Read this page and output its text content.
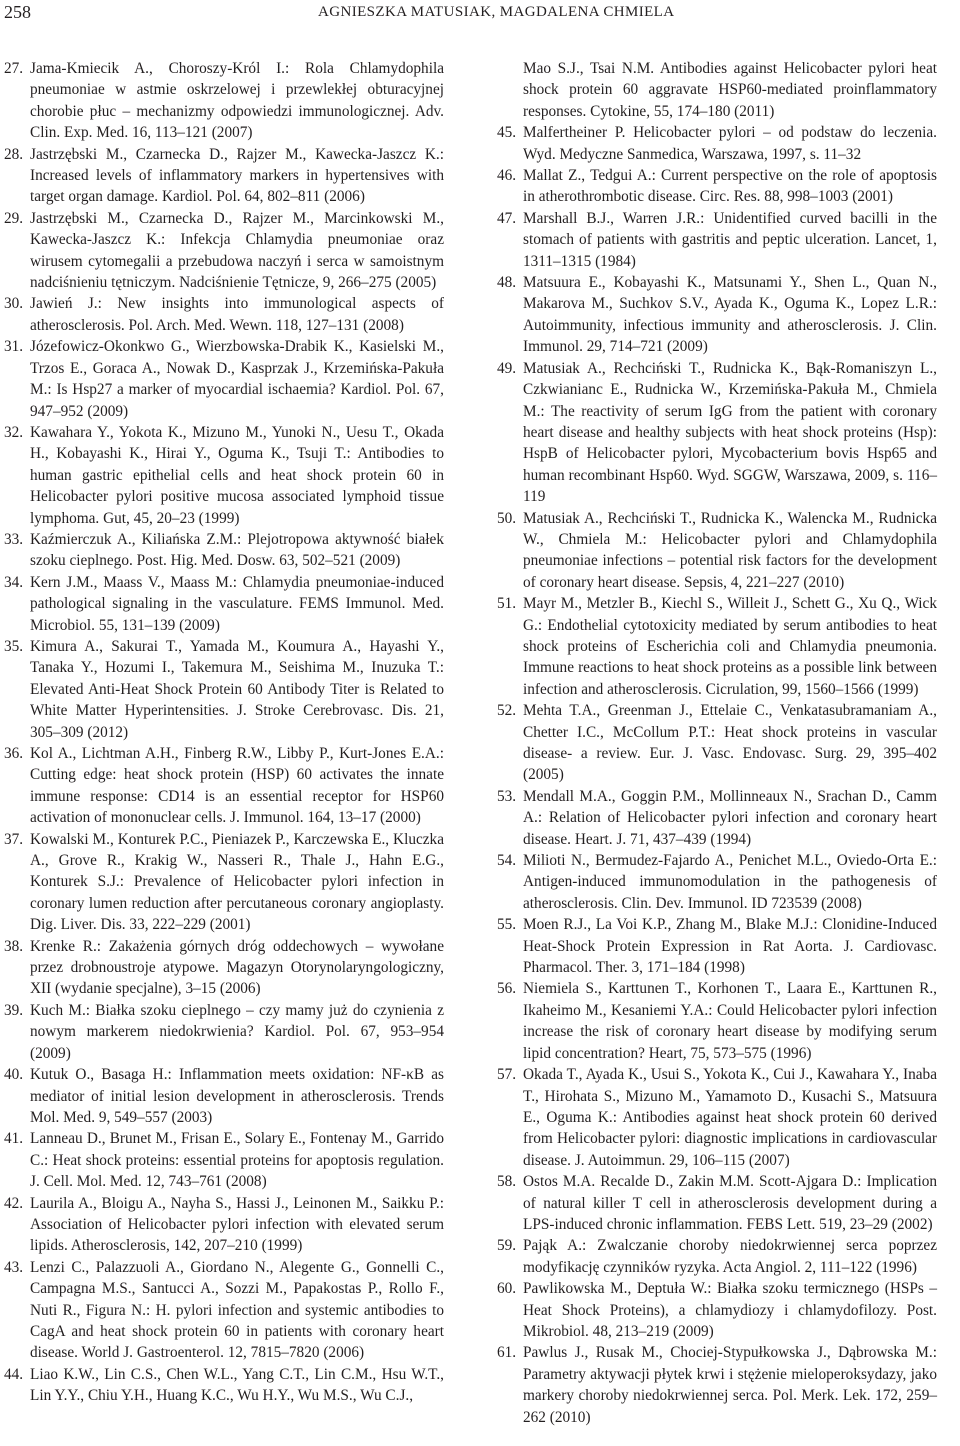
258	AGNIESZKA MATUSIAK, MAGDALENA CHMIELA
27. Jama-Kmiecik A., Choroszy-Król I.: Rola Chlamydophila pneumoniae w astmie oskrzelowej i przewlekłej obturacyjnej chorobie płuc – mechanizmy odpowiedzi immunologicznej. Adv. Clin. Exp. Med. 16, 113–121 (2007)
28. Jastrzębski M., Czarnecka D., Rajzer M., Kawecka-Jaszcz K.: Increased levels of inflammatory markers in hypertensives with target organ damage. Kardiol. Pol. 64, 802–811 (2006)
29. Jastrzębski M., Czarnecka D., Rajzer M., Marcinkowski M., Kawecka-Jaszcz K.: Infekcja Chlamydia pneumoniae oraz wirusem cytomegalii a przebudowa naczyń i serca w samoistnym nadciśnieniu tętniczym. Nadciśnienie Tętnicze, 9, 266–275 (2005)
30. Jawień J.: New insights into immunological aspects of atherosclerosis. Pol. Arch. Med. Wewn. 118, 127–131 (2008)
31. Józefowicz-Okonkwo G., Wierzbowska-Drabik K., Kasielski M., Trzos E., Goraca A., Nowak D., Kasprzak J., Krzemińska-Pakuła M.: Is Hsp27 a marker of myocardial ischaemia? Kardiol. Pol. 67, 947–952 (2009)
32. Kawahara Y., Yokota K., Mizuno M., Yunoki N., Uesu T., Okada H., Kobayashi K., Hirai Y., Oguma K., Tsuji T.: Antibodies to human gastric epithelial cells and heat shock protein 60 in Helicobacter pylori positive mucosa associated lymphoid tissue lymphoma. Gut, 45, 20–23 (1999)
33. Kaźmierczuk A., Kiliańska Z.M.: Plejotropowa aktywność białek szoku cieplnego. Post. Hig. Med. Dosw. 63, 502–521 (2009)
34. Kern J.M., Maass V., Maass M.: Chlamydia pneumoniae-induced pathological signaling in the vasculature. FEMS Immunol. Med. Microbiol. 55, 131–139 (2009)
35. Kimura A., Sakurai T., Yamada M., Koumura A., Hayashi Y., Tanaka Y., Hozumi I., Takemura M., Seishima M., Inuzuka T.: Elevated Anti-Heat Shock Protein 60 Antibody Titer is Related to White Matter Hyperintensities. J. Stroke Cerebrovasc. Dis. 21, 305–309 (2012)
36. Kol A., Lichtman A.H., Finberg R.W., Libby P., Kurt-Jones E.A.: Cutting edge: heat shock protein (HSP) 60 activates the innate immune response: CD14 is an essential receptor for HSP60 activation of mononuclear cells. J. Immunol. 164, 13–17 (2000)
37. Kowalski M., Konturek P.C., Pieniazek P., Karczewska E., Kluczka A., Grove R., Krakig W., Nasseri R., Thale J., Hahn E.G., Konturek S.J.: Prevalence of Helicobacter pylori infection in coronary lumen reduction after percutaneous coronary angioplasty. Dig. Liver. Dis. 33, 222–229 (2001)
38. Krenke R.: Zakażenia górnych dróg oddechowych – wywołane przez drobnoustroje atypowe. Magazyn Otorynolaryngologiczny, XII (wydanie specjalne), 3–15 (2006)
39. Kuch M.: Białka szoku cieplnego – czy mamy już do czynienia z nowym markerem niedokrwienia? Kardiol. Pol. 67, 953–954 (2009)
40. Kutuk O., Basaga H.: Inflammation meets oxidation: NF-κB as mediator of initial lesion development in atherosclerosis. Trends Mol. Med. 9, 549–557 (2003)
41. Lanneau D., Brunet M., Frisan E., Solary E., Fontenay M., Garrido C.: Heat shock proteins: essential proteins for apoptosis regulation. J. Cell. Mol. Med. 12, 743–761 (2008)
42. Laurila A., Bloigu A., Nayha S., Hassi J., Leinonen M., Saikku P.: Association of Helicobacter pylori infection with elevated serum lipids. Atherosclerosis, 142, 207–210 (1999)
43. Lenzi C., Palazzuoli A., Giordano N., Alegente G., Gonnelli C., Campagna M.S., Santucci A., Sozzi M., Papakostas P., Rollo F., Nuti R., Figura N.: H. pylori infection and systemic antibodies to CagA and heat shock protein 60 in patients with coronary heart disease. World J. Gastroenterol. 12, 7815–7820 (2006)
44. Liao K.W., Lin C.S., Chen W.L., Yang C.T., Lin C.M., Hsu W.T., Lin Y.Y., Chiu Y.H., Huang K.C., Wu H.Y., Wu M.S., Wu C.J.,
Mao S.J., Tsai N.M. Antibodies against Helicobacter pylori heat shock protein 60 aggravate HSP60-mediated proinflammatory responses. Cytokine, 55, 174–180 (2011)
45. Malfertheiner P. Helicobacter pylori – od podstaw do leczenia. Wyd. Medyczne Sanmedica, Warszawa, 1997, s. 11–32
46. Mallat Z., Tedgui A.: Current perspective on the role of apoptosis in atherothrombotic disease. Circ. Res. 88, 998–1003 (2001)
47. Marshall B.J., Warren J.R.: Unidentified curved bacilli in the stomach of patients with gastritis and peptic ulceration. Lancet, 1, 1311–1315 (1984)
48. Matsuura E., Kobayashi K., Matsunami Y., Shen L., Quan N., Makarova M., Suchkov S.V., Ayada K., Oguma K., Lopez L.R.: Autoimmunity, infectious immunity and atherosclerosis. J. Clin. Immunol. 29, 714–721 (2009)
49. Matusiak A., Rechciński T., Rudnicka K., Bąk-Romaniszyn L., Czkwianianc E., Rudnicka W., Krzemińska-Pakuła M., Chmiela M.: The reactivity of serum IgG from the patient with coronary heart disease and healthy subjects with heat shock proteins (Hsp): HspB of Helicobacter pylori, Mycobacterium bovis Hsp65 and human recombinant Hsp60. Wyd. SGGW, Warszawa, 2009, s. 116–119
50. Matusiak A., Rechciński T., Rudnicka K., Walencka M., Rudnicka W., Chmiela M.: Helicobacter pylori and Chlamydophila pneumoniae infections – potential risk factors for the development of coronary heart disease. Sepsis, 4, 221–227 (2010)
51. Mayr M., Metzler B., Kiechl S., Willeit J., Schett G., Xu Q., Wick G.: Endothelial cytotoxicity mediated by serum antibodies to heat shock proteins of Escherichia coli and Chlamydia pneumonia. Immune reactions to heat shock proteins as a possible link between infection and atherosclerosis. Cicrulation, 99, 1560–1566 (1999)
52. Mehta T.A., Greenman J., Ettelaie C., Venkatasubramaniam A., Chetter I.C., McCollum P.T.: Heat shock proteins in vascular disease- a review. Eur. J. Vasc. Endovasc. Surg. 29, 395–402 (2005)
53. Mendall M.A., Goggin P.M., Mollinneaux N., Srachan D., Camm A.: Relation of Helicobacter pylori infection and coronary heart disease. Heart. J. 71, 437–439 (1994)
54. Milioti N., Bermudez-Fajardo A., Penichet M.L., Oviedo-Orta E.: Antigen-induced immunomodulation in the pathogenesis of atherosclerosis. Clin. Dev. Immunol. ID 723539 (2008)
55. Moen R.J., La Voi K.P., Zhang M., Blake M.J.: Clonidine-Induced Heat-Shock Protein Expression in Rat Aorta. J. Cardiovasc. Pharmacol. Ther. 3, 171–184 (1998)
56. Niemiela S., Karttunen T., Korhonen T., Laara E., Karttunen R., Ikaheimo M., Kesaniemi Y.A.: Could Helicobacter pylori infection increase the risk of coronary heart disease by modifying serum lipid concentration? Heart, 75, 573–575 (1996)
57. Okada T., Ayada K., Usui S., Yokota K., Cui J., Kawahara Y., Inaba T., Hirohata S., Mizuno M., Yamamoto D., Kusachi S., Matsuura E., Oguma K.: Antibodies against heat shock protein 60 derived from Helicobacter pylori: diagnostic implications in cardiovascular disease. J. Autoimmun. 29, 106–115 (2007)
58. Ostos M.A. Recalde D., Zakin M.M. Scott-Ajgara D.: Implication of natural killer T cell in atherosclerosis development during a LPS-induced chronic inflammation. FEBS Lett. 519, 23–29 (2002)
59. Pająk A.: Zwalczanie choroby niedokrwiennej serca poprzez modyfikację czynników ryzyka. Acta Angiol. 2, 111–122 (1996)
60. Pawlikowska M., Deptuła W.: Białka szoku termicznego (HSPs – Heat Shock Proteins), a chlamydiozy i chlamydofilozy. Post. Mikrobiol. 48, 213–219 (2009)
61. Pawlus J., Rusak M., Chociej-Stypułkowska J., Dąbrowska M.: Parametry aktywacji płytek krwi i stężenie mieloperoksydazy, jako markery choroby niedokrwiennej serca. Pol. Merk. Lek. 172, 259–262 (2010)
